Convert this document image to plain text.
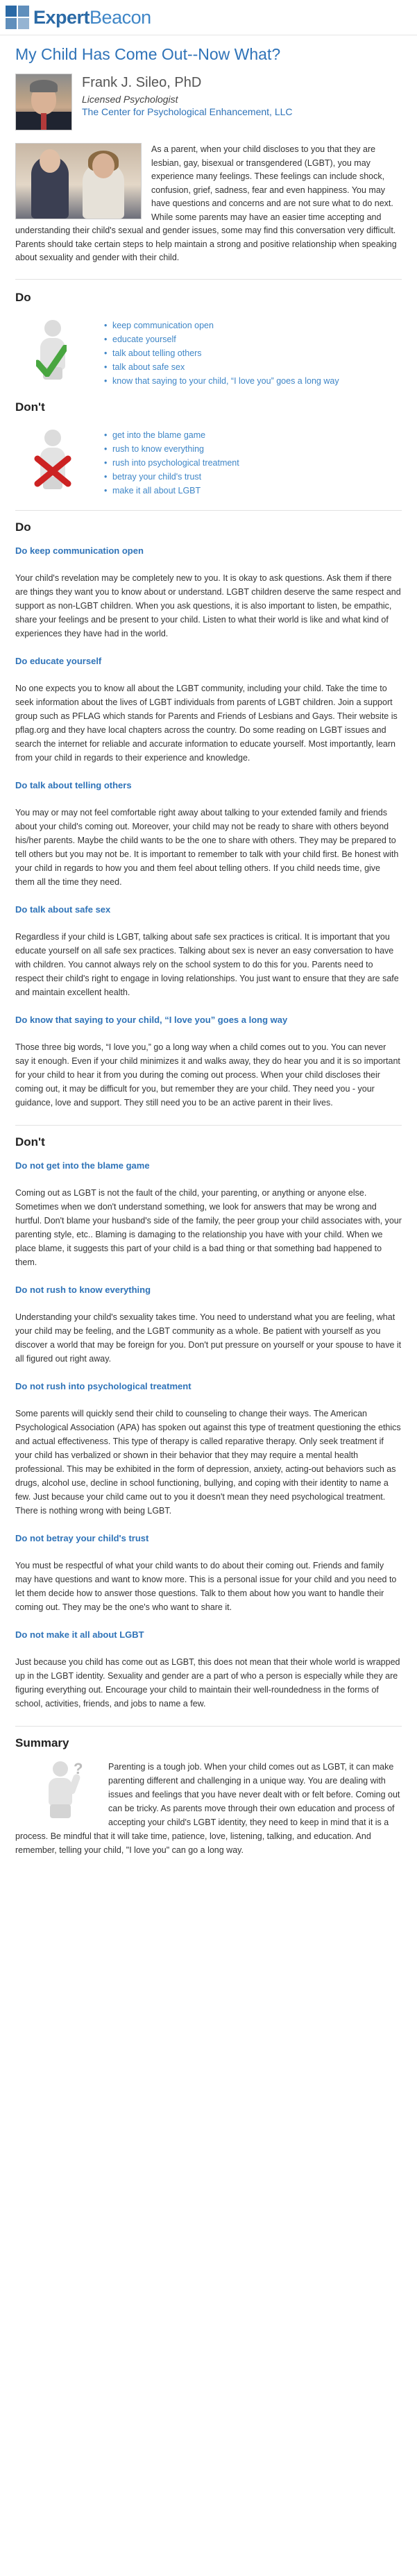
ExpertBeacon
My Child Has Come Out--Now What?

Frank J. Sileo, PhD

Licensed Psychologist

The Center for Psychological Enhancement, LLC

As a parent, when your child discloses to you that they are lesbian, gay, bisexual or transgendered (LGBT), you may experience many feelings. These feelings can include shock, confusion, grief, sadness, fear and even happiness. You may have questions and concerns and are not sure what to do next. While some parents may have an easier time accepting and understanding their child's sexual and gender issues, some may find this conversation very difficult. Parents should take certain steps to help maintain a strong and positive relationship when speaking about sexuality and gender with their child.
Do
• keep communication open
• educate yourself
• talk about telling others
• talk about safe sex
• know that saying to your child, “I love you” goes a long way
Don't
• get into the blame game
• rush to know everything
• rush into psychological treatment
• betray your child's trust
• make it all about LGBT
Do
Do keep communication open

Your child's revelation may be completely new to you. It is okay to ask questions. Ask them if there are things they want you to know about or understand. LGBT children deserve the same respect and support as non-LGBT children. When you ask questions, it is also important to listen, be empathic, share your feelings and be present to your child. Listen to what their world is like and what kind of experiences they have had in the world.

Do educate yourself

No one expects you to know all about the LGBT community, including your child. Take the time to seek information about the lives of LGBT individuals from parents of LGBT children. Join a support group such as PFLAG which stands for Parents and Friends of Lesbians and Gays. Their website is pflag.org and they have local chapters across the country. Do some reading on LGBT issues and search the internet for reliable and accurate information to educate yourself. Most importantly, learn from your child in regards to their experience and knowledge.

Do talk about telling others

You may or may not feel comfortable right away about talking to your extended family and friends about your child's coming out. Moreover, your child may not be ready to share with others beyond his/her parents. Maybe the child wants to be the one to share with others. They may be prepared to tell others but you may not be. It is important to remember to talk with your child first. Be honest with your child in regards to how you and them feel about telling others. If you child needs time, give them all the time they need.

Do talk about safe sex

Regardless if your child is LGBT, talking about safe sex practices is critical. It is important that you educate yourself on all safe sex practices. Talking about sex is never an easy conversation to have with children. You cannot always rely on the school system to do this for you. Parents need to respect their child's right to engage in loving relationships. You just want to ensure that they are safe and maintain excellent health.

Do know that saying to your child, “I love you” goes a long way

Those three big words, “I love you,” go a long way when a child comes out to you. You can never say it enough. Even if your child minimizes it and walks away, they do hear you and it is so important for your child to hear it from you during the coming out process. When your child discloses their coming out, it may be difficult for you, but remember they are your child. They need you - your guidance, love and support. They still need you to be an active parent in their lives.

Don't
Do not get into the blame game

Coming out as LGBT is not the fault of the child, your parenting, or anything or anyone else. Sometimes when we don't understand something, we look for answers that may be wrong and hurtful. Don't blame your husband's side of the family, the peer group your child associates with, your parenting style, etc.. Blaming is damaging to the relationship you have with your child. When we place blame, it suggests this part of your child is a bad thing or that something bad happened to them.

Do not rush to know everything

Understanding your child's sexuality takes time. You need to understand what you are feeling, what your child may be feeling, and the LGBT community as a whole. Be patient with yourself as you discover a world that may be foreign for you. Don't put pressure on yourself or your spouse to have it all figured out right away.

Do not rush into psychological treatment

Some parents will quickly send their child to counseling to change their ways. The American Psychological Association (APA) has spoken out against this type of treatment questioning the ethics and actual effectiveness. This type of therapy is called reparative therapy. Only seek treatment if your child has verbalized or shown in their behavior that they may require a mental health professional. This may be exhibited in the form of depression, anxiety, acting-out behaviors such as drugs, alcohol use, decline in school functioning, bullying, and coping with their identity to name a few. Just because your child came out to you it doesn't mean they need psychological treatment. There is nothing wrong with being LGBT.

Do not betray your child's trust

You must be respectful of what your child wants to do about their coming out. Friends and family may have questions and want to know more. This is a personal issue for your child and you need to let them decide how to answer those questions. Talk to them about how you want to handle their coming out. They may be the one's who want to share it.

Do not make it all about LGBT

Just because you child has come out as LGBT, this does not mean that their whole world is wrapped up in the LGBT identity. Sexuality and gender are a part of who a person is especially while they are figuring everything out. Encourage your child to maintain their well-roundedness in the forms of school, activities, friends, and jobs to name a few.

Summary
?	Parenting is a tough job. When your child comes out as LGBT, it can make parenting different and challenging in a unique way. You are dealing with issues and feelings that you have never dealt with or felt before. Coming out can be tricky. As parents move through their own education and process of accepting your child's LGBT identity, they need to keep in mind that it is a process. Be mindful that it will take time, patience, love, listening, talking, and education. And remember, telling your child, "I love you" can go a long way.
